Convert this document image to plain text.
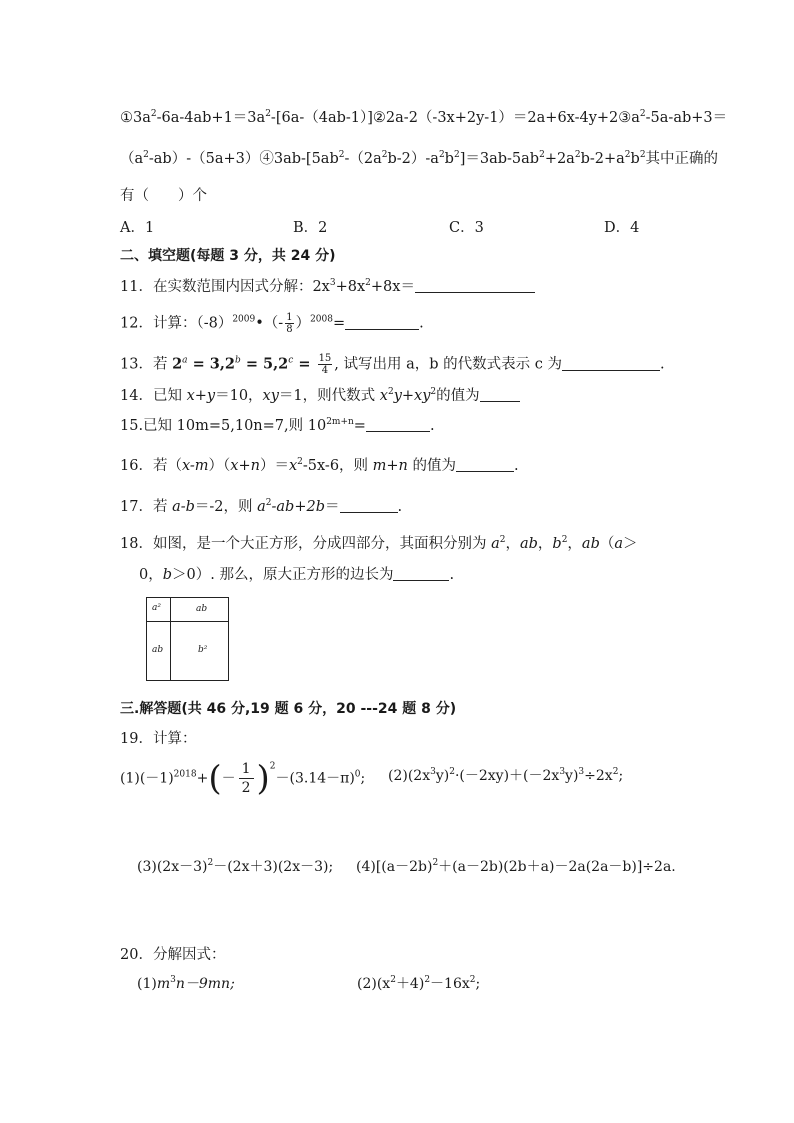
$①3a^2-6a-4ab+1=3a^2-[6a-(4ab-1)]②2a-2(-3x+2y-1)=2a+6x-4y+2③a^2-5a-ab+3=$
$(a^2-ab)-(5a+3)④3ab-[5ab^2-(2a^2b-2)-a^2b^2]=3ab-5ab^2+2a^2b-2+a^2b^2$其中正确的
有（　　）个
A．1	B．2	C．3	D．4
二、填空题(每题 3 分，共 24 分)
11．在实数范围内因式分解：$2x^3+8x^2+8x=$
12．计算：$(-8)^{2009}•(- \frac{1}{8} )^{2008}=$	.
13．若 $2^a = 3,2^b = 5,2^c = \frac{15}{4}$ , 试写出用 a，b 的代数式表示 c 为	.
14．已知 x+y＝10，xy＝1，则代数式 $x^2y+xy^2$的值为
15.已知 10m=5,10n=7,则 $10^{2m+n}=$	.
16．若$(x-m)(x+n)=x^2-5x-6$，则 m+n 的值为	.
17．若 a-b＝-2，则 $a^2-ab+2b=$	.
18．如图，是一个大正方形，分成四部分，其面积分别为 $a^2$，ab，$b^2$，ab（a＞
0，b＞0）. 那么，原大正方形的边长为	.
a²	ab
ab	b²
三.解答题(共 46 分,19 题 6 分，20 ---24 题 8 分)
19．计算：
$(1)(-1)^{2018}+(- \frac{1}{2} )^2-(3.14-\pi)^0$; $(2)(2x^3y)^2\cdot(-2xy)+(-2x^3y)^3\div 2x^2$;
$(3)(2x-3)^2-(2x+3)(2x-3)$; $(4)[(a-2b)^2+(a-2b)(2b+a)-2a(2a-b)]\div 2a$.
20．分解因式：
$(1)m^3n-9mn$;	$(2)(x^2+4)^2-16x^2$;
